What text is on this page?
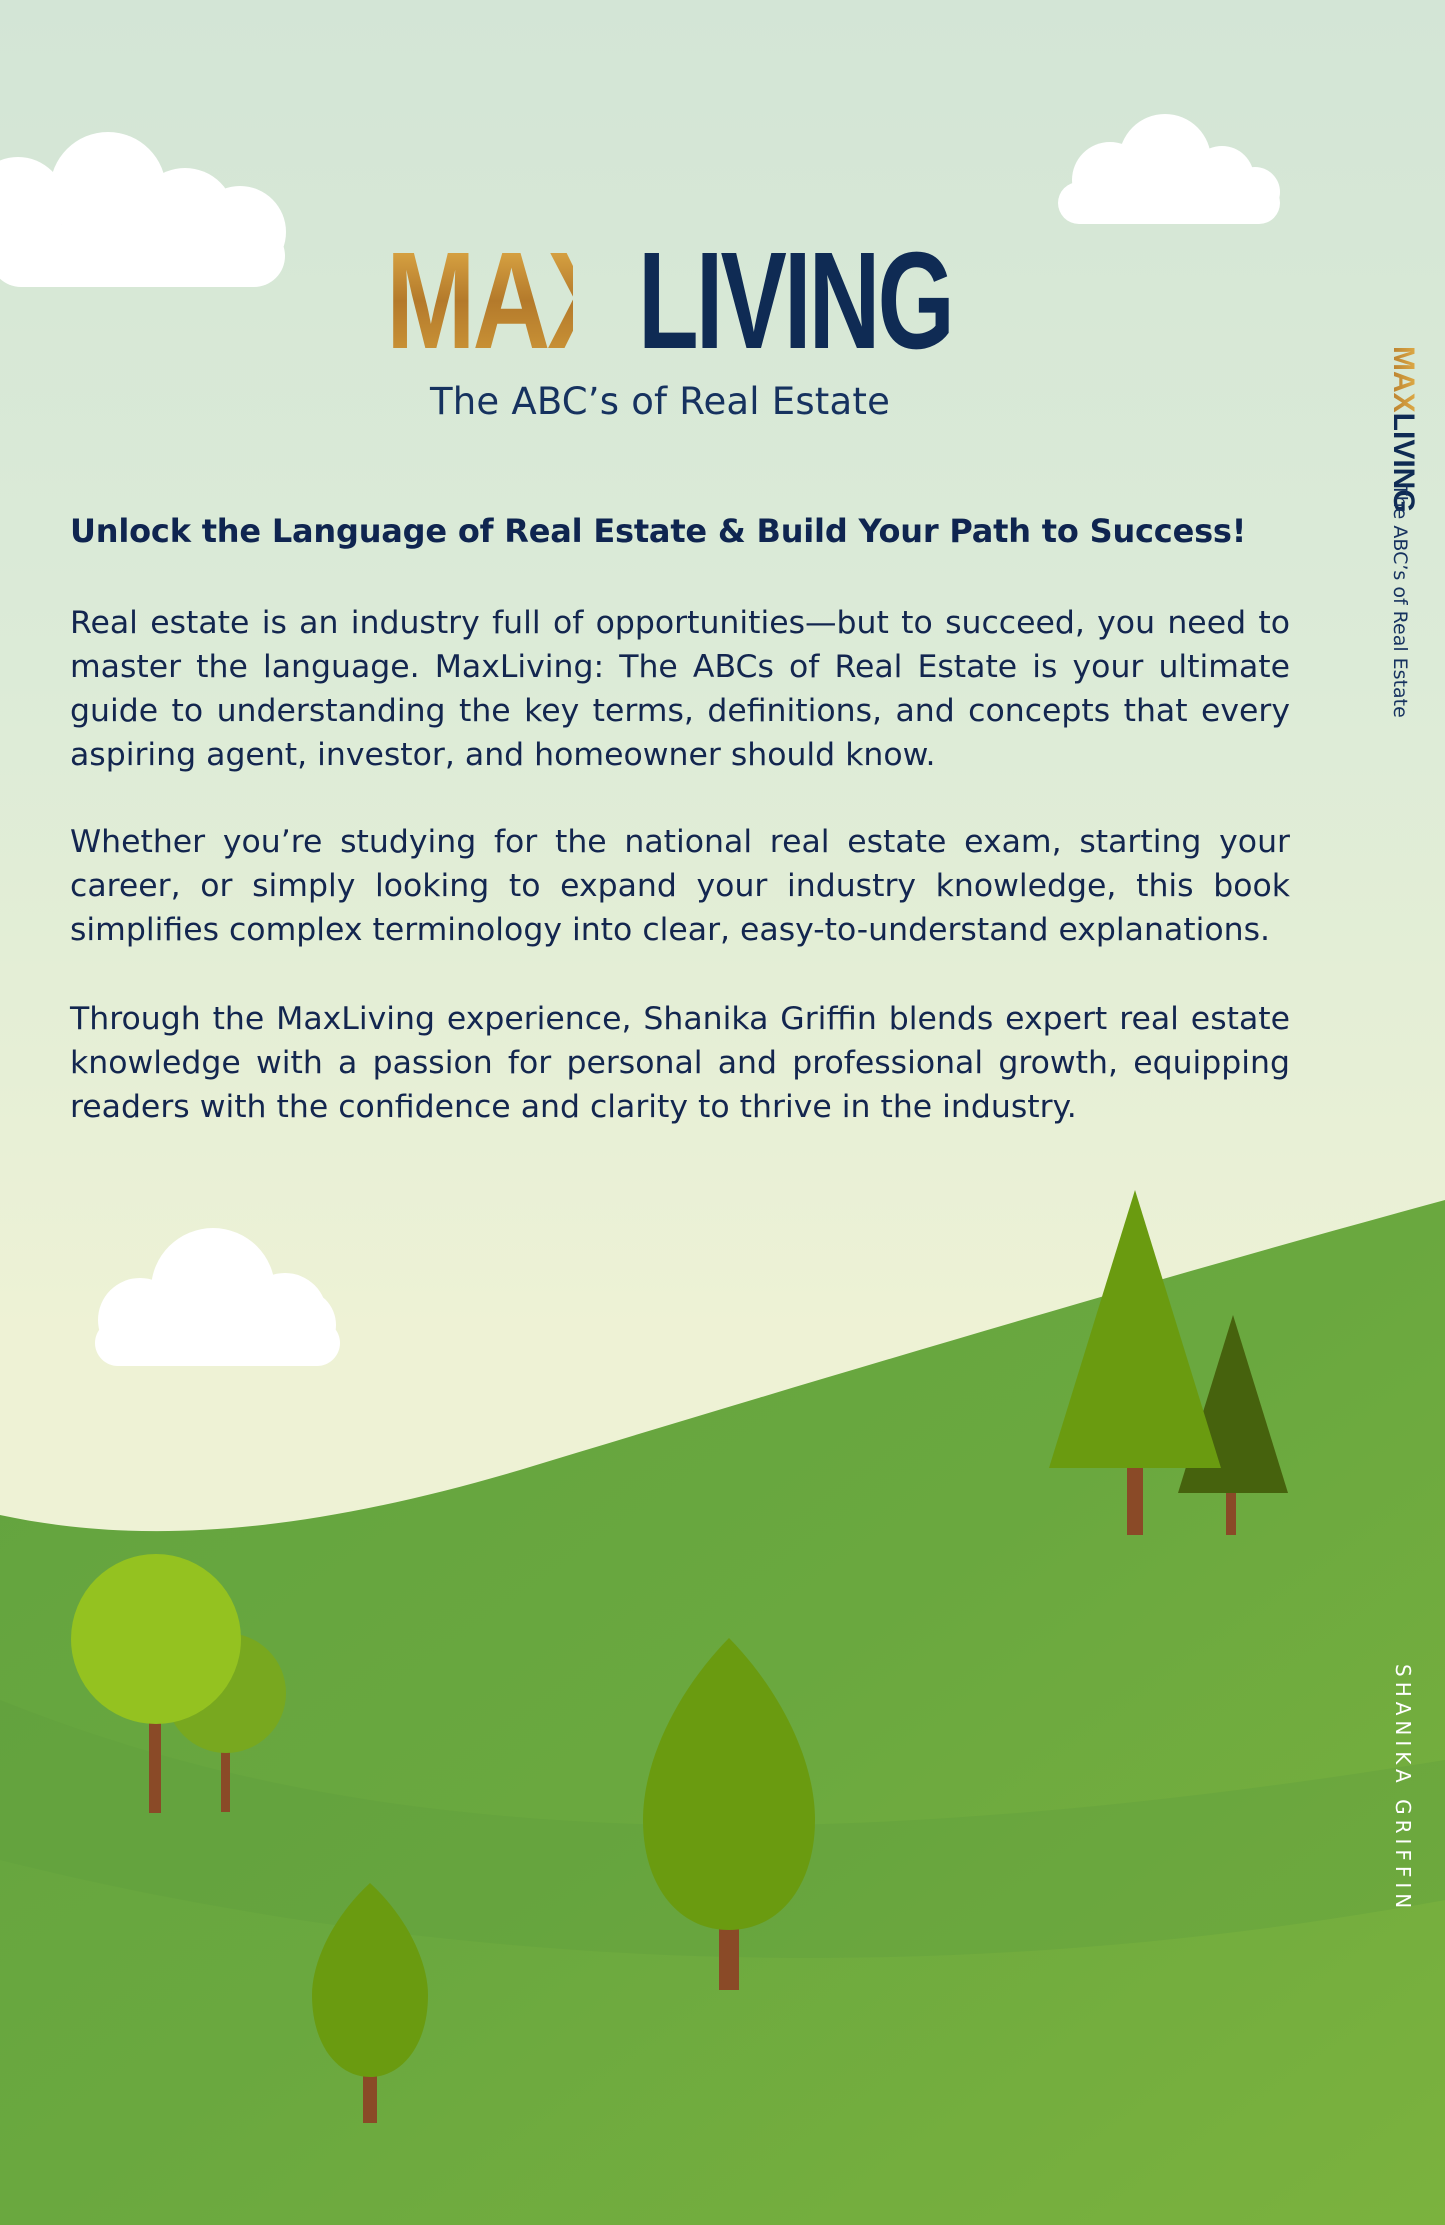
MAX LIVING
The ABC’s of Real Estate
Unlock the Language of Real Estate & Build Your Path to Success!

Real estate is an industry full of opportunities—but to succeed, you need to master the language. MaxLiving: The ABCs of Real Estate is your ultimate guide to understanding the key terms, definitions, and concepts that every aspiring agent, investor, and homeowner should know.

Whether you’re studying for the national real estate exam, starting your career, or simply looking to expand your industry knowledge, this book simplifies complex terminology into clear, easy-to-understand explanations.

Through the MaxLiving experience, Shanika Griffin blends expert real estate knowledge with a passion for personal and professional growth, equipping readers with the confidence and clarity to thrive in the industry.

MAXLIVING
The ABC’s of Real Estate
SHANIKA GRIFFIN
